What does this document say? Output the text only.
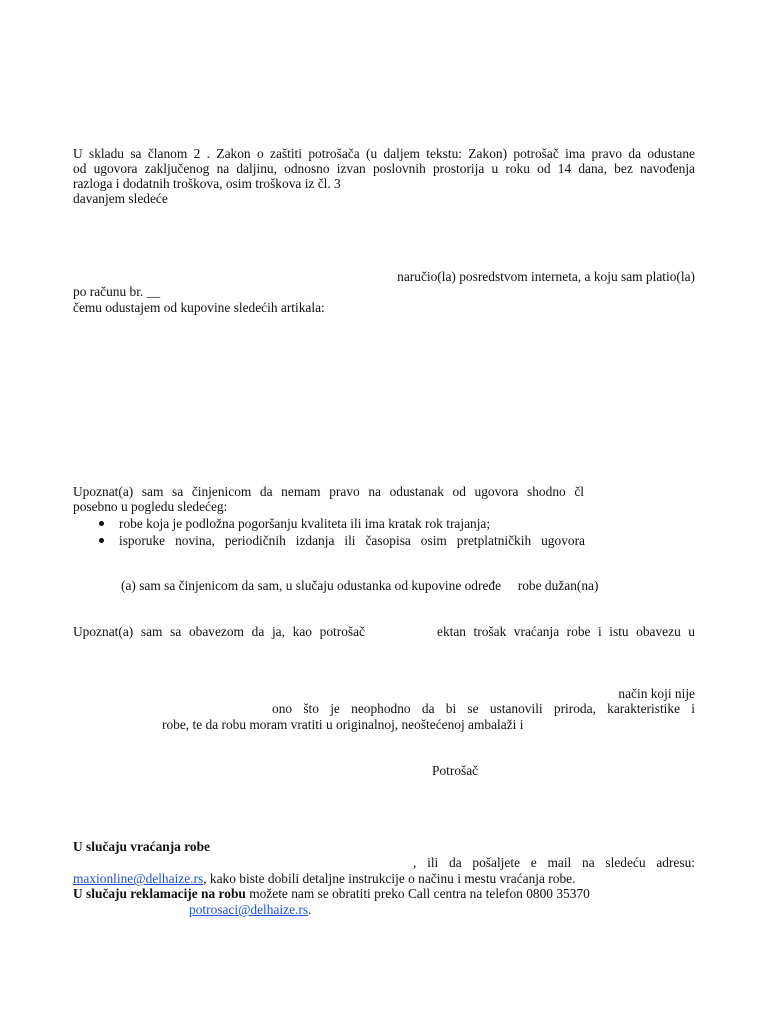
U skladu sa članom 2 . Zakon o zaštiti potrošača (u daljem tekstu: Zakon) potrošač ima pravo da odustane
od ugovora zaključenog na daljinu, odnosno izvan poslovnih prostorija u roku od 14 dana, bez navođenja
razloga i dodatnih troškova, osim troškova iz čl. 3
davanjem sledeće
naručio(la) posredstvom interneta, a koju sam platio(la)
po računu br. __
čemu odustajem od kupovine sledećih artikala:
Upoznat(a) sam sa činjenicom da nemam pravo na odustanak od ugovora shodno čl
posebno u pogledu sledećeg:
robe koja je podložna pogoršanju kvaliteta ili ima kratak rok trajanja;
isporuke novina, periodičnih izdanja ili časopisa osim pretplatničkih ugovora
(a) sam sa činjenicom da sam, u slučaju odustanka od kupovine određe     robe dužan(na)
Upoznat(a) sam sa obavezom da ja, kao potrošač	ektan trošak vraćanja robe i istu obavezu u
način koji nije
ono što je neophodno da bi se ustanovili priroda, karakteristike i
robe, te da robu moram vratiti u originalnoj, neoštećenoj ambalaži i
Potrošač
U slučaju vraćanja robe
, ili da pošaljete e mail na sledeću adresu:
maxionline@delhaize.rs, kako biste dobili detaljne instrukcije o načinu i mestu vraćanja robe.
U slučaju reklamacije na robu možete nam se obratiti preko Call centra na telefon 0800 35370
potrosaci@delhaize.rs.
